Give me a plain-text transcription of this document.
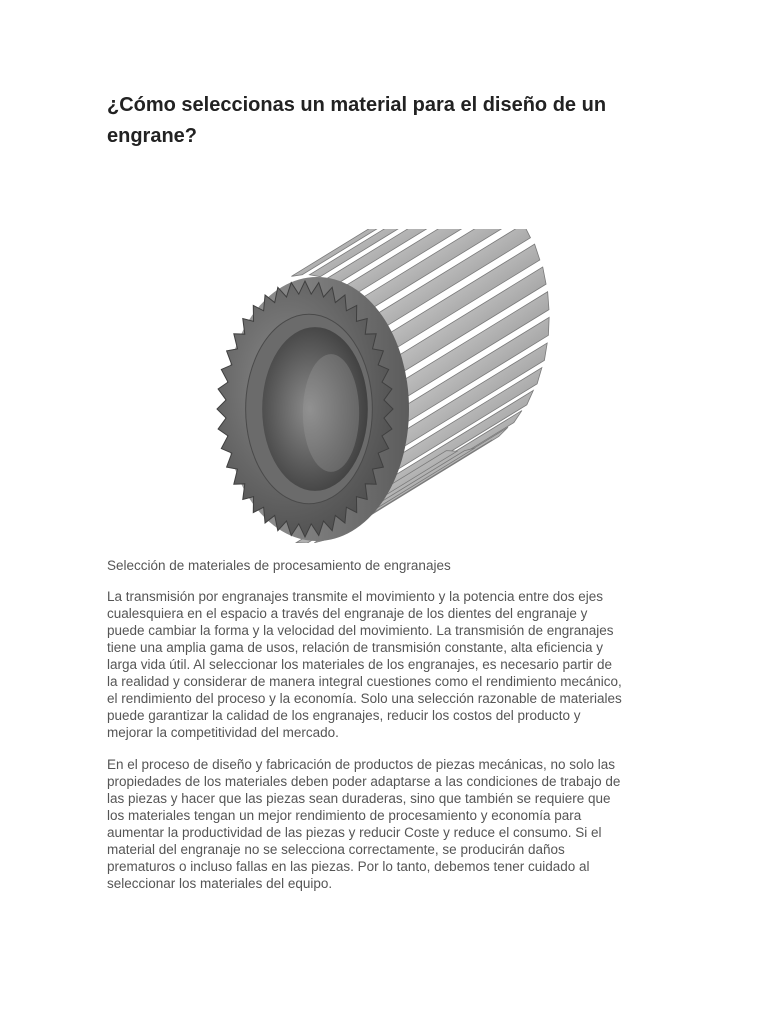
¿Cómo seleccionas un material para el diseño de un engrane?

Selección de materiales de procesamiento de engranajes

La transmisión por engranajes transmite el movimiento y la potencia entre dos ejes
cualesquiera en el espacio a través del engranaje de los dientes del engranaje y
puede cambiar la forma y la velocidad del movimiento. La transmisión de engranajes
tiene una amplia gama de usos, relación de transmisión constante, alta eficiencia y
larga vida útil. Al seleccionar los materiales de los engranajes, es necesario partir de
la realidad y considerar de manera integral cuestiones como el rendimiento mecánico,
el rendimiento del proceso y la economía. Solo una selección razonable de materiales
puede garantizar la calidad de los engranajes, reducir los costos del producto y
mejorar la competitividad del mercado.

En el proceso de diseño y fabricación de productos de piezas mecánicas, no solo las
propiedades de los materiales deben poder adaptarse a las condiciones de trabajo de
las piezas y hacer que las piezas sean duraderas, sino que también se requiere que
los materiales tengan un mejor rendimiento de procesamiento y economía para
aumentar la productividad de las piezas y reducir Coste y reduce el consumo. Si el
material del engranaje no se selecciona correctamente, se producirán daños
prematuros o incluso fallas en las piezas. Por lo tanto, debemos tener cuidado al
seleccionar los materiales del equipo.
